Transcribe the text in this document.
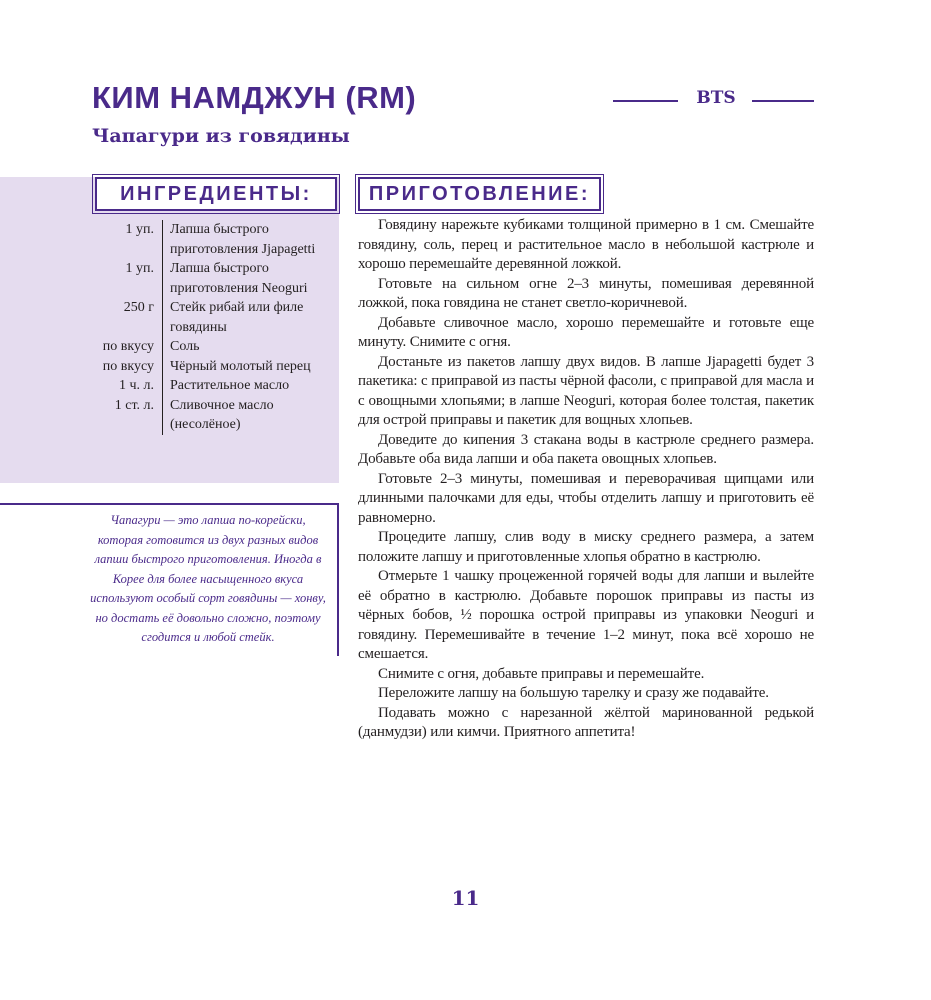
КИМ НАМДЖУН (RM)
Чапагури из говядины
BTS
ИНГРЕДИЕНТЫ:
1 уп.	Лапша быстрого приготовления Jjapagetti
1 уп.	Лапша быстрого приготовления Neoguri
250 г	Стейк рибай или филе говядины
по вкусу	Соль
по вкусу	Чёрный молотый перец
1 ч. л.	Растительное масло
1 ст. л.	Сливочное масло (несолёное)

Чапагури — это лапша по-корейски, которая готовится из двух разных видов лапши быстрого приготовления. Иногда в Корее для более насыщенного вкуса используют особый сорт говядины — хонву, но достать её довольно сложно, поэтому сгодится и любой стейк.

ПРИГОТОВЛЕНИЕ:

Говядину нарежьте кубиками толщиной примерно в 1 см. Смешайте говядину, соль, перец и растительное масло в небольшой кастрюле и хорошо перемешайте деревянной ложкой.

Готовьте на сильном огне 2–3 минуты, помешивая деревянной ложкой, пока говядина не станет светло-коричневой.

Добавьте сливочное масло, хорошо перемешайте и готовьте еще минуту. Снимите с огня.

Достаньте из пакетов лапшу двух видов. В лапше Jjapagetti будет 3 пакетика: с приправой из пасты чёрной фасоли, с приправой для масла и с овощными хлопьями; в лапше Neoguri, которая более толстая, пакетик для острой приправы и пакетик для вощных хлопьев.

Доведите до кипения 3 стакана воды в кастрюле среднего размера. Добавьте оба вида лапши и оба пакета овощных хлопьев.

Готовьте 2–3 минуты, помешивая и переворачивая щипцами или длинными палочками для еды, чтобы отделить лапшу и приготовить её равномерно.

Процедите лапшу, слив воду в миску среднего размера, а затем положите лапшу и приготовленные хлопья обратно в кастрюлю.

Отмерьте 1 чашку процеженной горячей воды для лапши и вылейте её обратно в кастрюлю. Добавьте порошок приправы из пасты из чёрных бобов, ½ порошка острой приправы из упаковки Neoguri и говядину. Перемешивайте в течение 1–2 минут, пока всё хорошо не смешается.

Снимите с огня, добавьте приправы и перемешайте.

Переложите лапшу на большую тарелку и сразу же подавайте.

Подавать можно с нарезанной жёлтой маринованной редькой (данмудзи) или кимчи. Приятного аппетита!

11
